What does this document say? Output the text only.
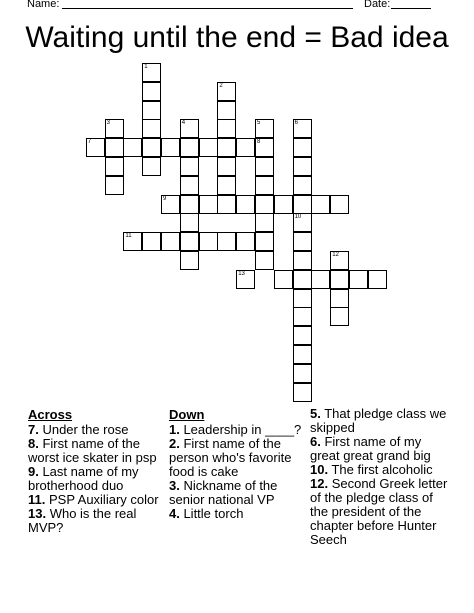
Name:	Date:
Waiting until the end = Bad idea
1
2
3	4	5	6
7	8
9
10
11
12
13
Across
7. Under the rose
8. First name of the worst ice skater in psp
9. Last name of my brotherhood duo
11. PSP Auxiliary color
13. Who is the real MVP?
Down
1. Leadership in ____?
2. First name of the person who's favorite food is cake
3. Nickname of the senior national VP
4. Little torch
5. That pledge class we skipped
6. First name of my great great grand big
10. The first alcoholic
12. Second Greek letter of the pledge class of the president of the chapter before Hunter Seech
